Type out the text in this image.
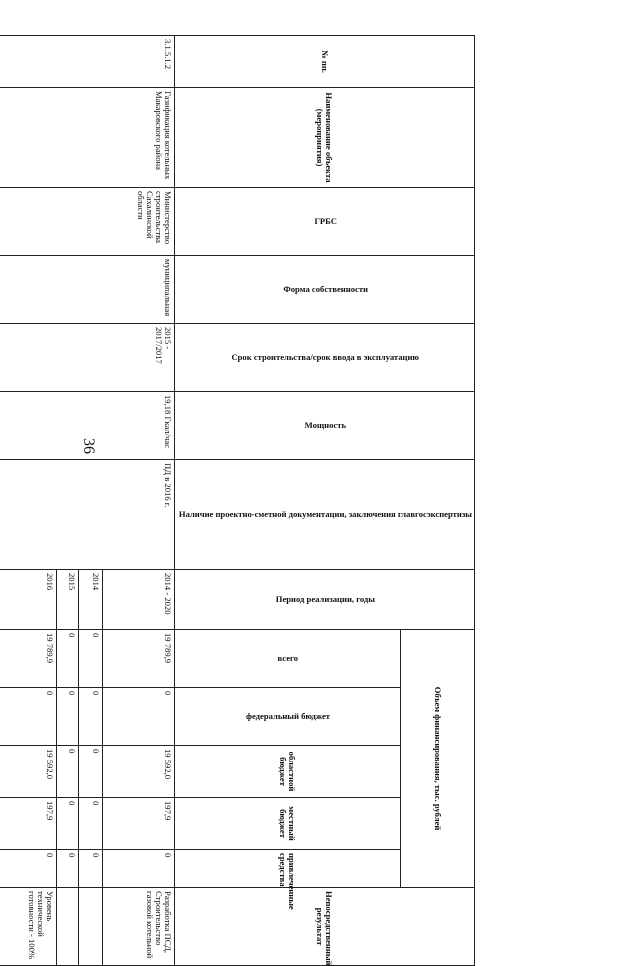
36
№ пп.	Наименование объекта (мероприятия)	ГРБС	Форма собственности	Срок строительства/срок ввода в эксплуатацию	Мощность	Наличие проектно-сметной документации, заключения главгосэкспертизы	Период реализации, годы	Объем финансирования, тыс. рублей					Непосредственный результат
								всего	федеральный бюджет	областной бюджет	местный бюджет	привлеченные средства	
3.1.5.1.2	Газификация котельных Макаровского района	Министерство строительства Сахалинской области	муниципальная	2015 - 2017/2017	19,18 Гкал/час	ПД в 2016 г.	2014 - 2020	19 789,9	0	19 592,0	197,9	0	Разработка ПСД, Строительство газовой котельной
							2014	0	0	0	0	0	
							2015	0	0	0	0	0	
							2016	19 789,9	0	19 592,0	197,9	0	Уровень технической готовности - 100%
